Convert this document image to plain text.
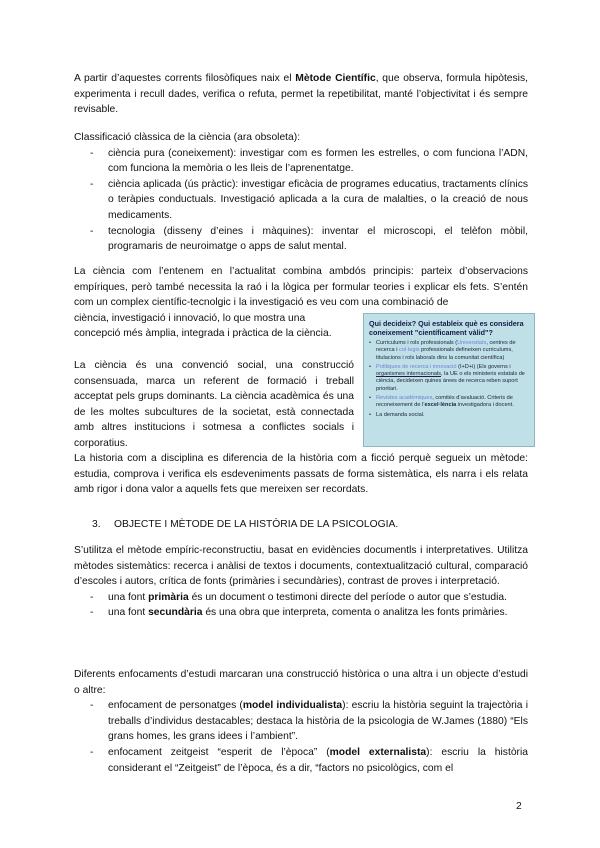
A partir d’aquestes corrents filosòfiques naix el Mètode Científic, que observa, formula hipòtesis, experimenta i recull dades, verifica o refuta, permet la repetibilitat, manté l’objectivitat i és sempre revisable.

Classificació clàssica de la ciència (ara obsoleta):

- ciència pura (coneixement): investigar com es formen les estrelles, o com funciona l’ADN, com funciona la memòria o les lleis de l’aprenentatge.
- ciència aplicada (ús pràctic): investigar eficàcia de programes educatius, tractaments clínics o teràpies conductuals. Investigació aplicada a la cura de malalties, o la creació de nous medicaments.
- tecnologia (disseny d’eines i màquines): inventar el microscopi, el telèfon mòbil, programaris de neuroimatge o apps de salut mental.

La ciència com l’entenem en l’actualitat combina ambdós principis: parteix d’observacions empíriques, però també necessita la raó i la lògica per formular teories i explicar els fets. S’entén com un complex científic-tecnolgic i la investigació es veu com una combinació de

ciència, investigació i innovació, lo que mostra una

concepció més àmplia, integrada i pràctica de la ciència.

La ciència és una convenció social, una construcció consensuada, marca un referent de formació i treball acceptat pels grups dominants. La ciència acadèmica és una de les moltes subcultures de la societat, està connectada amb altres institucions i sotmesa a conflictes socials i corporatius.

Qui decideix? Qui estableix què es considera coneixement "científicament vàlid"?
• Curriculums i rols professionals (Universitats, centres de recerca i col·legis professionals defineixen curriculums, titulacions i rols laborals dins la comunitat científica)
• Polítiques de recerca i innovació (I+D+i) (Els governs i organismes internacionals, la UE o els ministeris estatals de ciència, decideixen quines àrees de recerca reben suport prioritari.
• Revistes acadèmiques, comitès d’avaluació. Criteris de reconeixement de l’excel·lència investigadora i docent.
• La demanda social.

La historia com a disciplina es diferencia de la història com a ficció perquè segueix un mètode: estudia, comprova i verifica els esdeveniments passats de forma sistemàtica, els narra i els relata amb rigor i dona valor a aquells fets que mereixen ser recordats.

3. OBJECTE I MÈTODE DE LA HISTÒRIA DE LA PSICOLOGIA.

S’utilitza el mètode empíric-reconstructiu, basat en evidències documentls i interpretatives. Utilitza mètodes sistemàtics: recerca i anàlisi de textos i documents, contextualització cultural, comparació d’escoles i autors, crítica de fonts (primàries i secundàries), contrast de proves i interpretació.

- una font primària és un document o testimoni directe del període o autor que s’estudia.
- una font secundària és una obra que interpreta, comenta o analitza les fonts primàries.

Diferents enfocaments d’estudi marcaran una construcció històrica o una altra i un objecte d’estudi o altre:

- enfocament de personatges (model individualista): escriu la història seguint la trajectòria i treballs d’individus destacables; destaca la història de la psicologia de W.James (1880) “Els grans homes, les grans idees i l’ambient”.
- enfocament zeitgeist “esperit de l’època” (model externalista): escriu la història considerant el “Zeitgeist” de l’època, és a dir, “factors no psicològics, com el
2
